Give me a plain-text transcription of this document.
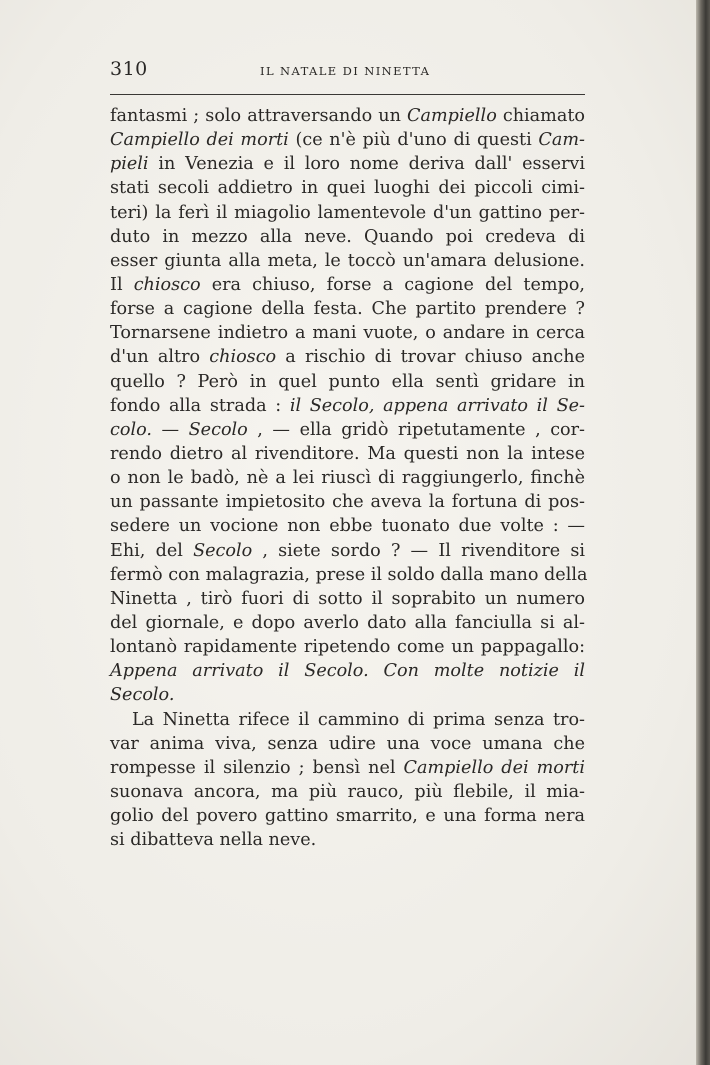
310	IL NATALE DI NINETTA
fantasmi ; solo attraversando un Campiello chiamato
Campiello dei morti (ce n'è più d'uno di questi Cam-
pieli in Venezia e il loro nome deriva dall' esservi
stati secoli addietro in quei luoghi dei piccoli cimi-
teri) la ferì il miagolio lamentevole d'un gattino per-
duto in mezzo alla neve. Quando poi credeva di
esser giunta alla meta, le toccò un'amara delusione.
Il chiosco era chiuso, forse a cagione del tempo,
forse a cagione della festa. Che partito prendere ?
Tornarsene indietro a mani vuote, o andare in cerca
d'un altro chiosco a rischio di trovar chiuso anche
quello ? Però in quel punto ella sentì gridare in
fondo alla strada : il Secolo, appena arrivato il Se-
colo. — Secolo , — ella gridò ripetutamente , cor-
rendo dietro al rivenditore. Ma questi non la intese
o non le badò, nè a lei riuscì di raggiungerlo, finchè
un passante impietosito che aveva la fortuna di pos-
sedere un vocione non ebbe tuonato due volte : —
Ehi, del Secolo , siete sordo ? — Il rivenditore si
fermò con malagrazia, prese il soldo dalla mano della
Ninetta , tirò fuori di sotto il soprabito un numero
del giornale, e dopo averlo dato alla fanciulla si al-
lontanò rapidamente ripetendo come un pappagallo:
Appena arrivato il Secolo. Con molte notizie il
Secolo.
La Ninetta rifece il cammino di prima senza tro-
var anima viva, senza udire una voce umana che
rompesse il silenzio ; bensì nel Campiello dei morti
suonava ancora, ma più rauco, più flebile, il mia-
golio del povero gattino smarrito, e una forma nera
si dibatteva nella neve.
